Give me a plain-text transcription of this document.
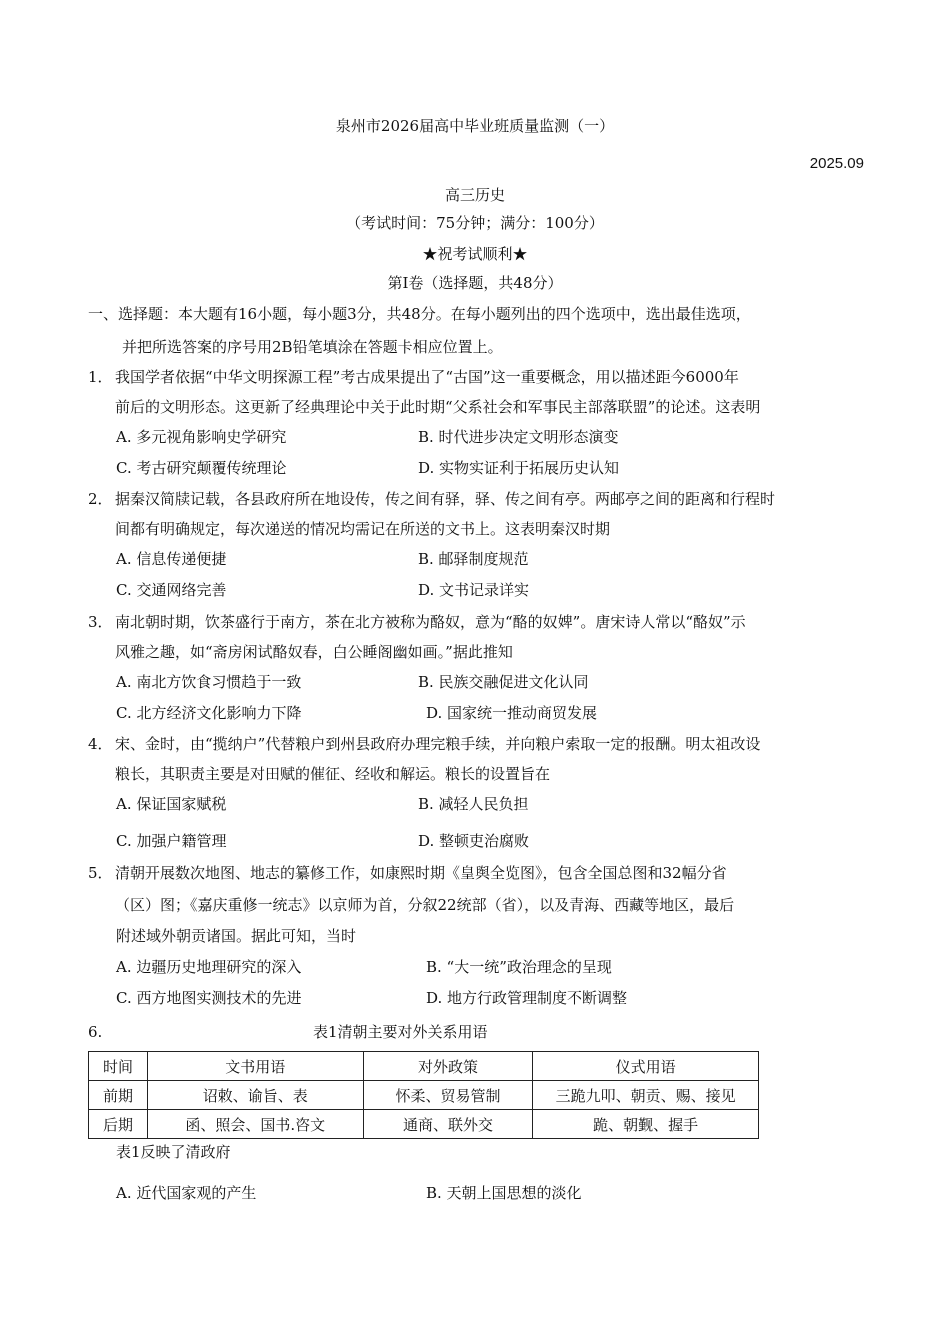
泉州市2026届高中毕业班质量监测（一）
2025.09
高三历史
（考试时间：75分钟；满分：100分）
★祝考试顺利★
第I卷（选择题，共48分）
一、选择题：本大题有16小题，每小题3分，共48分。在每小题列出的四个选项中，选出最佳选项，
并把所选答案的序号用2B铅笔填涂在答题卡相应位置上。
1． 我国学者依据“中华文明探源工程”考古成果提出了“古国”这一重要概念，用以描述距今6000年
前后的文明形态。这更新了经典理论中关于此时期“父系社会和军事民主部落联盟”的论述。这表明
A. 多元视角影响史学研究	B. 时代进步决定文明形态演变
C. 考古研究颠覆传统理论	D. 实物实证利于拓展历史认知
2． 据秦汉简牍记载，各县政府所在地设传，传之间有驿，驿、传之间有亭。两邮亭之间的距离和行程时
间都有明确规定，每次递送的情况均需记在所送的文书上。这表明秦汉时期
A. 信息传递便捷	B. 邮驿制度规范
C. 交通网络完善	D. 文书记录详实
3． 南北朝时期，饮茶盛行于南方，茶在北方被称为酪奴，意为“酪的奴婢”。唐宋诗人常以“酪奴”示
风雅之趣，如“斋房闲试酪奴春，白公睡阁幽如画。”据此推知
A. 南北方饮食习惯趋于一致	B. 民族交融促进文化认同
C. 北方经济文化影响力下降	D. 国家统一推动商贸发展
4． 宋、金时，由“揽纳户”代替粮户到州县政府办理完粮手续，并向粮户索取一定的报酬。明太祖改设
粮长，其职责主要是对田赋的催征、经收和解运。粮长的设置旨在
A. 保证国家赋税	B. 减轻人民负担
C. 加强户籍管理	D. 整顿吏治腐败
5． 清朝开展数次地图、地志的纂修工作，如康熙时期《皇舆全览图》，包含全国总图和32幅分省
（区）图；《嘉庆重修一统志》以京师为首，分叙22统部（省），以及青海、西藏等地区，最后
附述域外朝贡诸国。据此可知，当时
A. 边疆历史地理研究的深入	B. “大一统”政治理念的呈现
C. 西方地图实测技术的先进	D. 地方行政管理制度不断调整
6.	表1清朝主要对外关系用语
时间	文书用语	对外政策	仪式用语
前期	诏敕、谕旨、表	怀柔、贸易管制	三跪九叩、朝贡、赐、接见
后期	函、照会、国书.咨文	通商、联外交	跪、朝觐、握手
表1反映了清政府
A. 近代国家观的产生	B. 天朝上国思想的淡化
